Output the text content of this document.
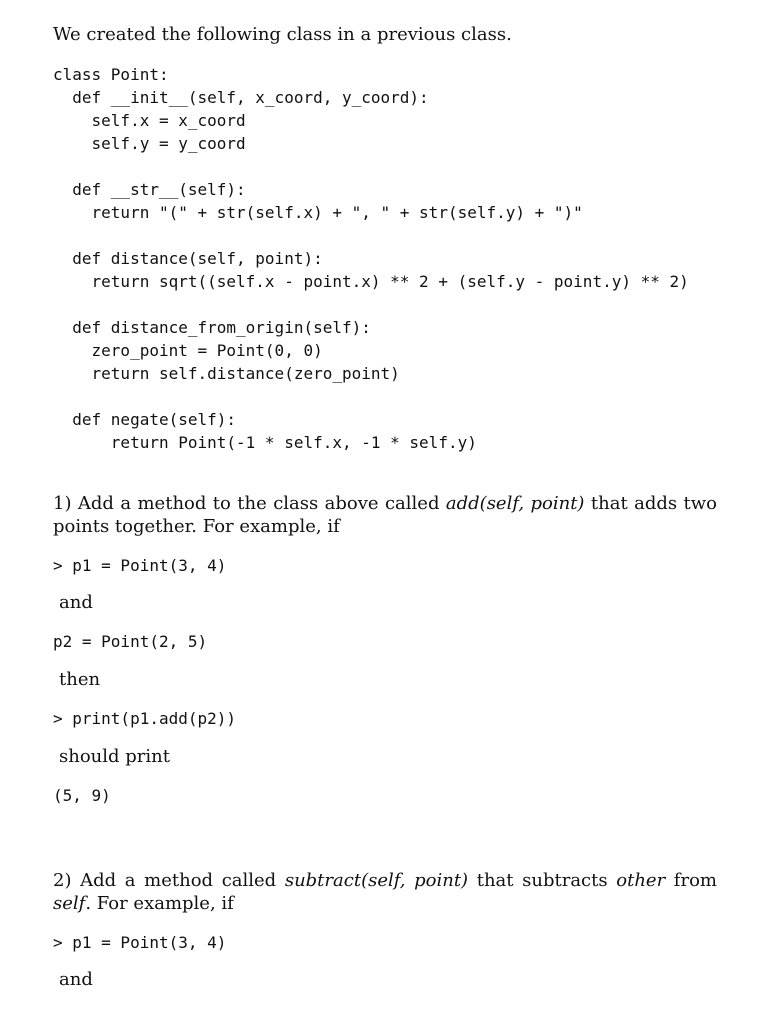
We created the following class in a previous class.
class Point:
def __init__(self, x_coord, y_coord):
self.x = x_coord
self.y = y_coord
def __str__(self):
return "(" + str(self.x) + ", " + str(self.y) + ")"
def distance(self, point):
return sqrt((self.x - point.x) ** 2 + (self.y - point.y) ** 2)
def distance_from_origin(self):
zero_point = Point(0, 0)
return self.distance(zero_point)
def negate(self):
return Point(-1 * self.x, -1 * self.y)
1) Add a method to the class above called add(self, point) that adds two points together. For example, if
> p1 = Point(3, 4)
and
p2 = Point(2, 5)
then
> print(p1.add(p2))
should print
(5, 9)
2) Add a method called subtract(self, point) that subtracts other from self. For example, if
> p1 = Point(3, 4)
and
